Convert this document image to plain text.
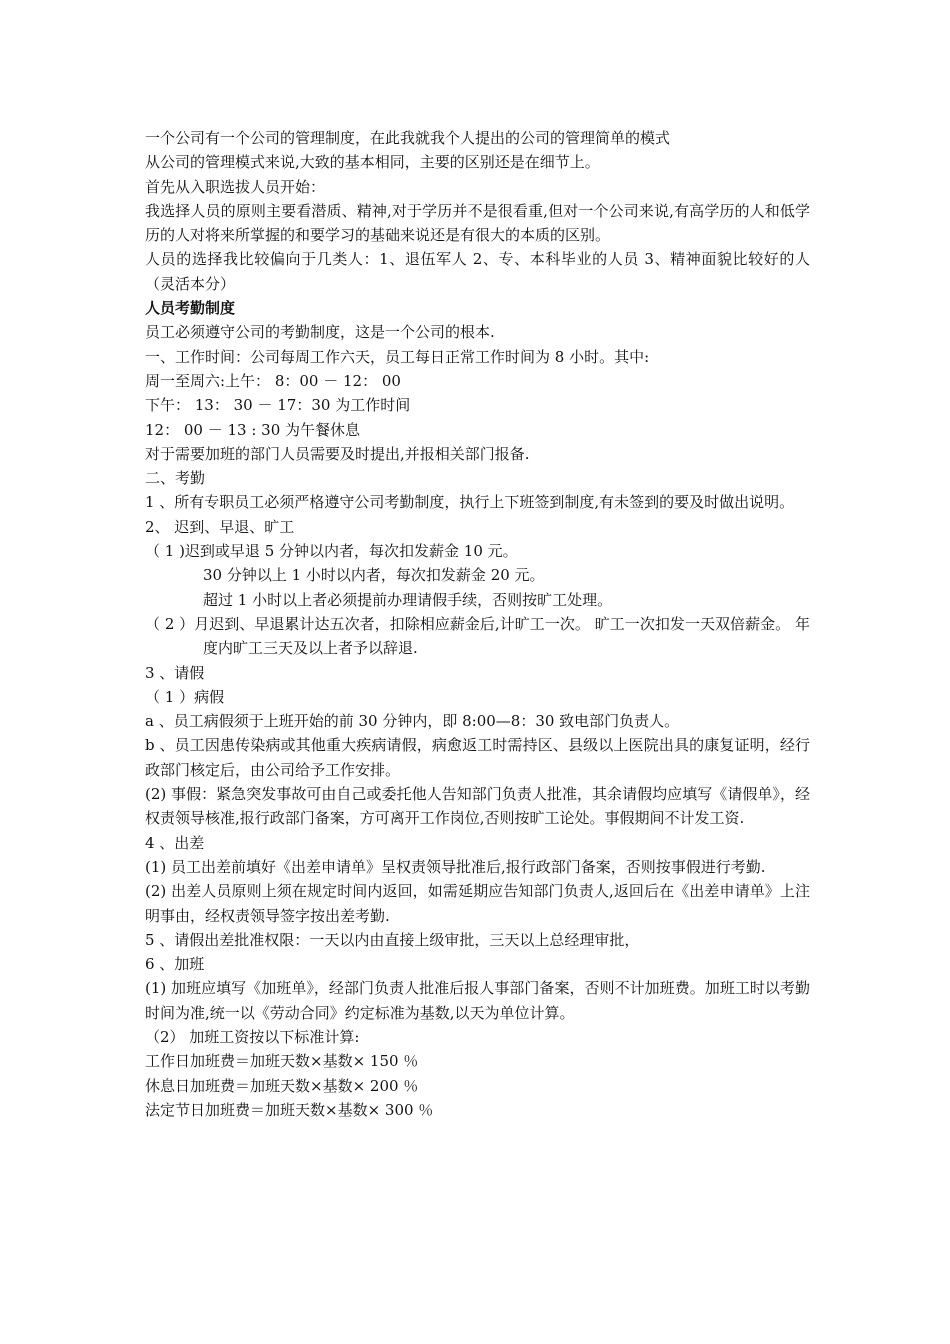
一个公司有一个公司的管理制度，在此我就我个人提出的公司的管理简单的模式

从公司的管理模式来说,大致的基本相同，主要的区别还是在细节上。

首先从入职选拔人员开始：

我选择人员的原则主要看潜质、精神,对于学历并不是很看重,但对一个公司来说,有高学历的人和低学历的人对将来所掌握的和要学习的基础来说还是有很大的本质的区别。

人员的选择我比较偏向于几类人：1、退伍军人 2、专、本科毕业的人员 3、精神面貌比较好的人（灵活本分）

人员考勤制度

员工必须遵守公司的考勤制度，这是一个公司的根本.

一、工作时间：公司每周工作六天，员工每日正常工作时间为 8 小时。其中:

周一至周六:上午： 8：00 － 12： 00

下午： 13： 30 － 17：30 为工作时间

12： 00 － 13 : 30 为午餐休息

对于需要加班的部门人员需要及时提出,并报相关部门报备.

二、考勤

1 、所有专职员工必须严格遵守公司考勤制度，执行上下班签到制度,有未签到的要及时做出说明。

2、 迟到、早退、旷工

（ 1 )迟到或早退 5 分钟以内者，每次扣发薪金 10 元。

30 分钟以上 1 小时以内者，每次扣发薪金 20 元。

超过 1 小时以上者必须提前办理请假手续，否则按旷工处理。

（ 2 ）月迟到、早退累计达五次者，扣除相应薪金后,计旷工一次。 旷工一次扣发一天双倍薪金。 年度内旷工三天及以上者予以辞退.

3 、请假

（ 1 ）病假

a 、员工病假须于上班开始的前 30 分钟内，即 8:00—8：30 致电部门负责人。

b 、员工因患传染病或其他重大疾病请假，病愈返工时需持区、县级以上医院出具的康复证明，经行政部门核定后，由公司给予工作安排。

(2) 事假：紧急突发事故可由自己或委托他人告知部门负责人批准，其余请假均应填写《请假单》，经权责领导核准,报行政部门备案，方可离开工作岗位,否则按旷工论处。事假期间不计发工资.

4 、出差

(1) 员工出差前填好《出差申请单》呈权责领导批准后,报行政部门备案，否则按事假进行考勤.

(2) 出差人员原则上须在规定时间内返回，如需延期应告知部门负责人,返回后在《出差申请单》上注明事由，经权责领导签字按出差考勤.

5 、请假出差批准权限：一天以内由直接上级审批，三天以上总经理审批，

6 、加班

(1) 加班应填写《加班单》，经部门负责人批准后报人事部门备案，否则不计加班费。加班工时以考勤时间为准,统一以《劳动合同》约定标准为基数,以天为单位计算。

（2） 加班工资按以下标准计算:

工作日加班费＝加班天数×基数× 150 ％

休息日加班费＝加班天数×基数× 200 ％

法定节日加班费＝加班天数×基数× 300 ％
